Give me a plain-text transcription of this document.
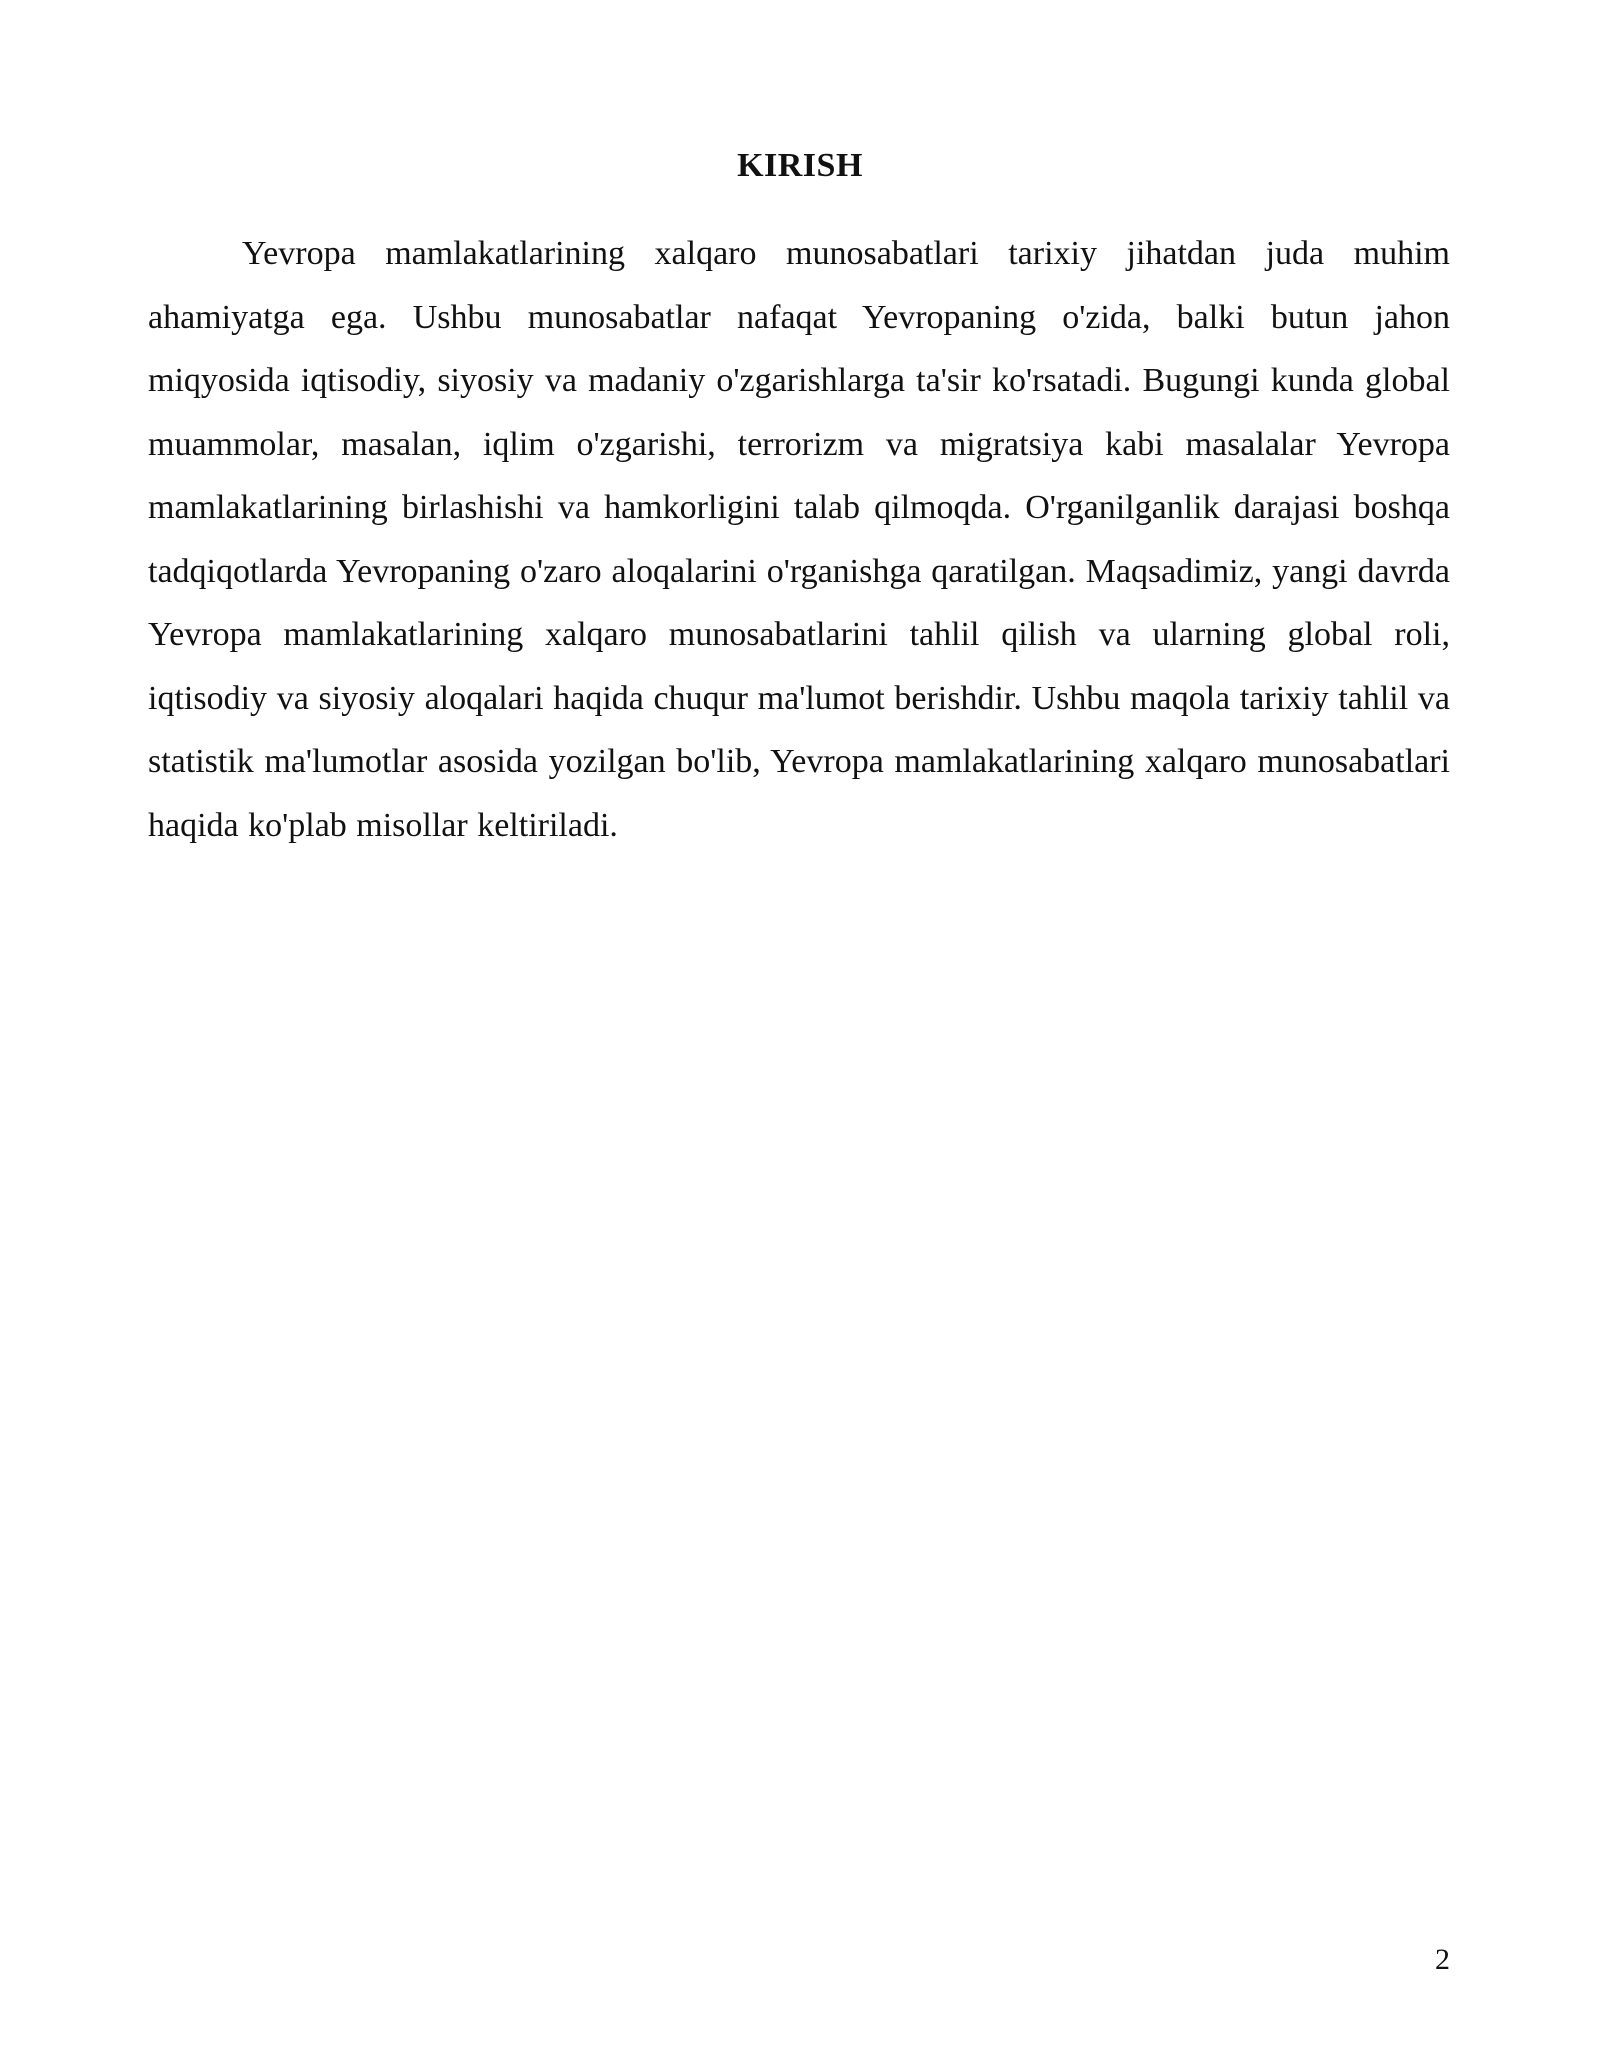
KIRISH

Yevropa mamlakatlarining xalqaro munosabatlari tarixiy jihatdan juda muhim ahamiyatga ega. Ushbu munosabatlar nafaqat Yevropaning o'zida, balki butun jahon miqyosida iqtisodiy, siyosiy va madaniy o'zgarishlarga ta'sir ko'rsatadi. Bugungi kunda global muammolar, masalan, iqlim o'zgarishi, terrorizm va migratsiya kabi masalalar Yevropa mamlakatlarining birlashishi va hamkorligini talab qilmoqda. O'rganilganlik darajasi boshqa tadqiqotlarda Yevropaning o'zaro aloqalarini o'rganishga qaratilgan. Maqsadimiz, yangi davrda Yevropa mamlakatlarining xalqaro munosabatlarini tahlil qilish va ularning global roli, iqtisodiy va siyosiy aloqalari haqida chuqur ma'lumot berishdir. Ushbu maqola tarixiy tahlil va statistik ma'lumotlar asosida yozilgan bo'lib, Yevropa mamlakatlarining xalqaro munosabatlari haqida ko'plab misollar keltiriladi.

2
